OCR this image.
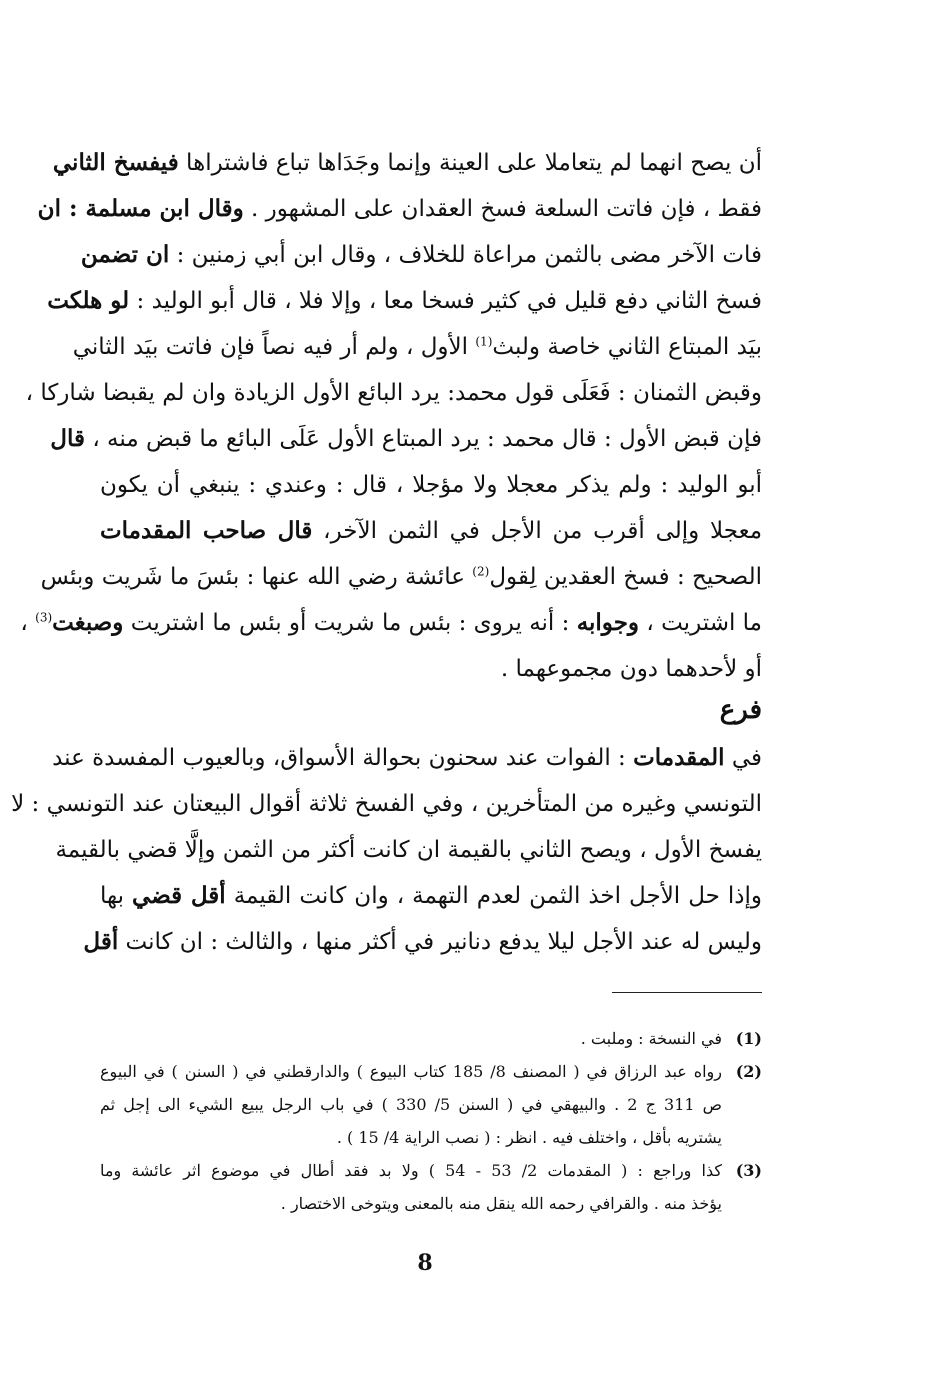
أن يصح انهما لم يتعاملا على العينة وإنما وجَدَاها تباع فاشتراها فيفسخ الثاني
فقط ، فإن فاتت السلعة فسخ العقدان على المشهور . وقال ابن مسلمة : ان
فات الآخر مضى بالثمن مراعاة للخلاف ، وقال ابن أبي زمنين : ان تضمن
فسخ الثاني دفع قليل في كثير فسخا معا ، وإلا فلا ، قال أبو الوليد : لو هلكت
بيَد المبتاع الثاني خاصة ولبث$^{(1)}$ الأول ، ولم أر فيه نصاً فإن فاتت بيَد الثاني
وقبض الثمنان : فَعَلَى قول محمد: يرد البائع الأول الزيادة وان لم يقبضا شاركا ،
فإن قبض الأول : قال محمد : يرد المبتاع الأول عَلَى البائع ما قبض منه ، قال
أبو الوليد : ولم يذكر معجلا ولا مؤجلا ، قال : وعندي : ينبغي أن يكون
معجلا وإلى أقرب من الأجل في الثمن الآخر، قال صاحب المقدمات
الصحيح : فسخ العقدين لِقول$^{(2)}$ عائشة رضي الله عنها : بئسَ ما شَريت وبئس
ما اشتريت ، وجوابه : أنه يروى : بئس ما شريت أو بئس ما اشتريت وصبغت$^{(3)}$ ،
أو لأحدهما دون مجموعهما .
فرع
في المقدمات : الفوات عند سحنون بحوالة الأسواق، وبالعيوب المفسدة عند
التونسي وغيره من المتأخرين ، وفي الفسخ ثلاثة أقوال البيعتان عند التونسي : لا
يفسخ الأول ، ويصح الثاني بالقيمة ان كانت أكثر من الثمن وإلَّا قضي بالقيمة
وإذا حل الأجل اخذ الثمن لعدم التهمة ، وان كانت القيمة أقل قضي بها
وليس له عند الأجل ليلا يدفع دنانير في أكثر منها ، والثالث : ان كانت أقل
(1)
في النسخة : وملبت .
(2)
رواه عبد الرزاق في ( المصنف 8/ 185 كتاب البيوع ) والدارقطني في ( السنن ) في البيوع
ص 311 ج 2 . والبيهقي في ( السنن 5/ 330 ) في باب الرجل يبيع الشيء الى إجل ثم
يشتريه بأقل ، واختلف فيه . انظر : ( نصب الراية 4/ 15 ) .
(3)
كذا وراجع : ( المقدمات 2/ 53 - 54 ) ولا بد فقد أطال في موضوع اثر عائشة وما
يؤخذ منه . والقرافي رحمه الله ينقل منه بالمعنى ويتوخى الاختصار .
8
